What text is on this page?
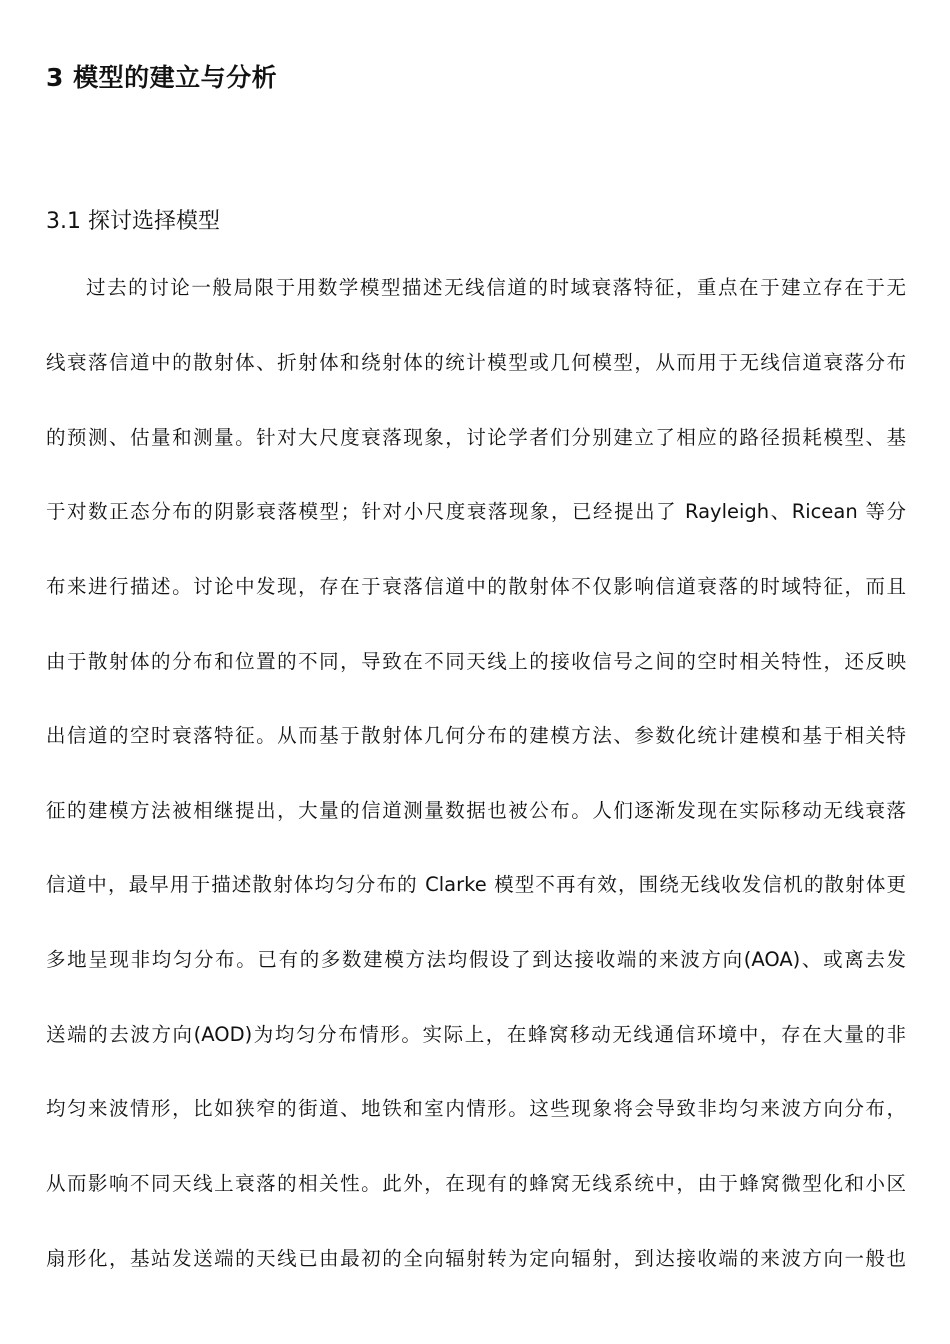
3 模型的建立与分析
3.1 探讨选择模型
过去的讨论一般局限于用数学模型描述无线信道的时域衰落特征，重点在于建立存在于无
线衰落信道中的散射体、折射体和绕射体的统计模型或几何模型，从而用于无线信道衰落分布
的预测、估量和测量。针对大尺度衰落现象，讨论学者们分别建立了相应的路径损耗模型、基
于对数正态分布的阴影衰落模型；针对小尺度衰落现象，已经提出了 Rayleigh、Ricean 等分
布来进行描述。讨论中发现，存在于衰落信道中的散射体不仅影响信道衰落的时域特征，而且
由于散射体的分布和位置的不同，导致在不同天线上的接收信号之间的空时相关特性，还反映
出信道的空时衰落特征。从而基于散射体几何分布的建模方法、参数化统计建模和基于相关特
征的建模方法被相继提出，大量的信道测量数据也被公布。人们逐渐发现在实际移动无线衰落
信道中，最早用于描述散射体均匀分布的 Clarke 模型不再有效，围绕无线收发信机的散射体更
多地呈现非均匀分布。已有的多数建模方法均假设了到达接收端的来波方向(AOA)、或离去发
送端的去波方向(AOD)为均匀分布情形。实际上，在蜂窝移动无线通信环境中，存在大量的非
均匀来波情形，比如狭窄的街道、地铁和室内情形。这些现象将会导致非均匀来波方向分布，
从而影响不同天线上衰落的相关性。此外，在现有的蜂窝无线系统中，由于蜂窝微型化和小区
扇形化，基站发送端的天线已由最初的全向辐射转为定向辐射，到达接收端的来波方向一般也
